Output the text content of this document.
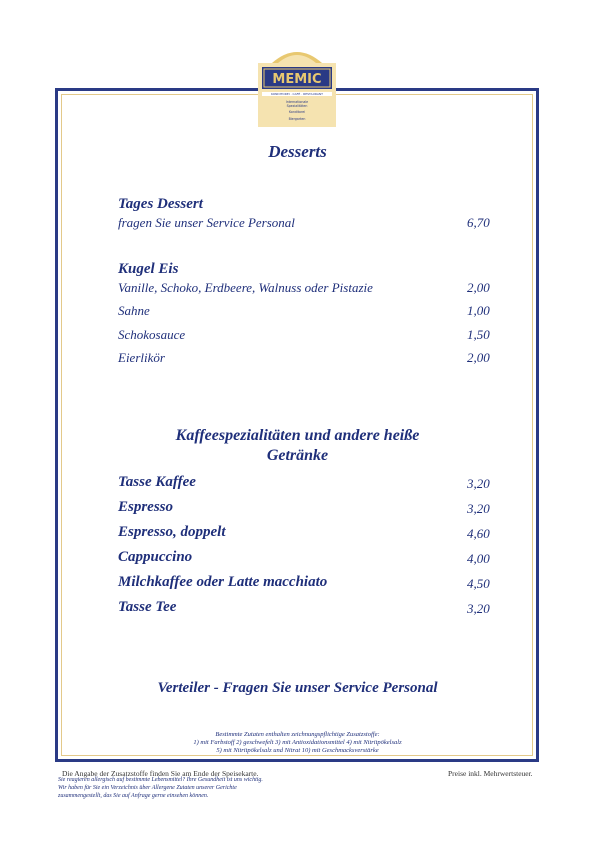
MEMIC
KONDITOREI · CAFÉ · RESTAURANT
Internationale
Spezialitäten
Konditorei
Biergarten
Desserts
Tages Dessert
fragen Sie unser Service Personal	6,70
Kugel Eis
Vanille, Schoko, Erdbeere, Walnuss oder Pistazie	2,00
Sahne	1,00
Schokosauce	1,50
Eierlikör	2,00
Kaffeespezialitäten und andere heiße
Getränke
Tasse Kaffee	3,20
Espresso	3,20
Espresso, doppelt	4,60
Cappuccino	4,00
Milchkaffee oder Latte macchiato	4,50
Tasse Tee	3,20
Verteiler - Fragen Sie unser Service Personal
Bestimmte Zutaten enthalten zeichnungspflichtige Zusatzstoffe:
1) mit Farbstoff 2) geschwefelt 3) mit Antioxidationsmittel 4) mit Nitritpökelsalz
5) mit Nitritpökelsalz und Nitrat 10) mit Geschmacksverstärke
Die Angabe der Zusatzstoffe finden Sie am Ende der Speisekarte.	Preise inkl. Mehrwertsteuer.
Sie reagieren allergisch auf bestimmte Lebensmittel? Ihre Gesundheit ist uns wichtig.
Wir haben für Sie ein Verzeichnis über Allergene Zutaten unserer Gerichte
zusammengestellt, das Sie auf Anfrage gerne einsehen können.
